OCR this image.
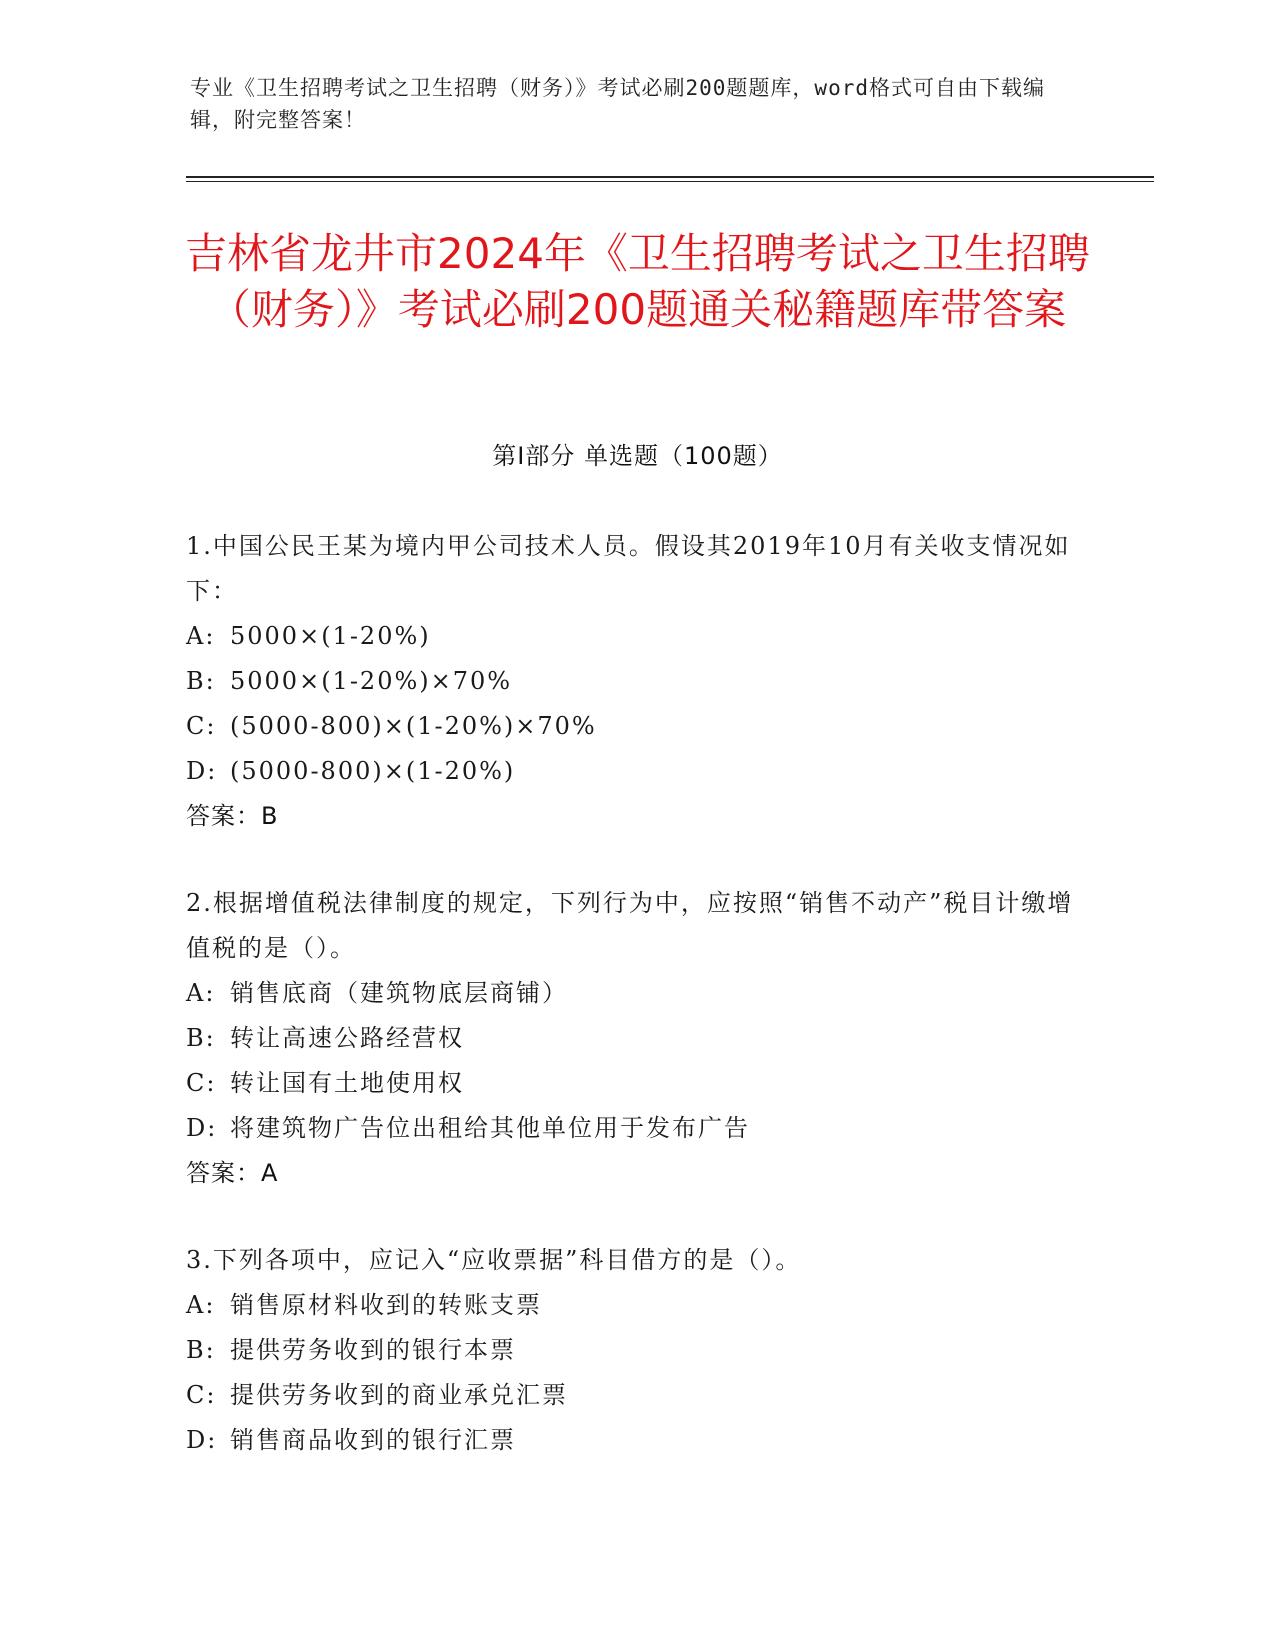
专业《卫生招聘考试之卫生招聘（财务）》考试必刷200题题库，word格式可自由下载编辑，附完整答案！
吉林省龙井市2024年《卫生招聘考试之卫生招聘（财务）》考试必刷200题通关秘籍题库带答案
第I部分 单选题（100题）
1.中国公民王某为境内甲公司技术人员。假设其2019年10月有关收支情况如下：
A: 5000×(1-20%)
B: 5000×(1-20%)×70%
C: (5000-800)×(1-20%)×70%
D: (5000-800)×(1-20%)
答案：B
2.根据增值税法律制度的规定，下列行为中，应按照“销售不动产”税目计缴增值税的是（）。
A: 销售底商（建筑物底层商铺）
B: 转让高速公路经营权
C: 转让国有土地使用权
D: 将建筑物广告位出租给其他单位用于发布广告
答案：A
3.下列各项中，应记入“应收票据”科目借方的是（）。
A: 销售原材料收到的转账支票
B: 提供劳务收到的银行本票
C: 提供劳务收到的商业承兑汇票
D: 销售商品收到的银行汇票
